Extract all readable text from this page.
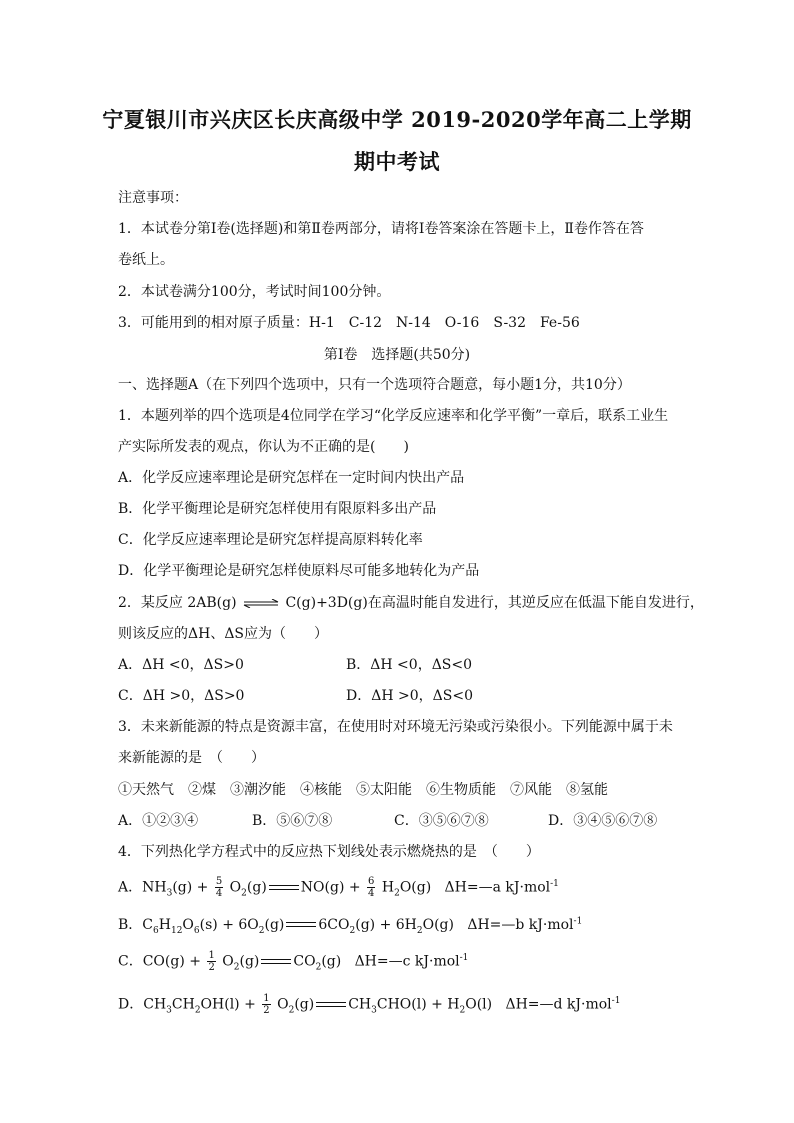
宁夏银川市兴庆区长庆高级中学 2019-2020学年高二上学期
期中考试
注意事项：
1．本试卷分第Ⅰ卷(选择题)和第Ⅱ卷两部分，请将Ⅰ卷答案涂在答题卡上，Ⅱ卷作答在答
卷纸上。
2．本试卷满分100分，考试时间100分钟。
3．可能用到的相对原子质量：H-1　C-12　N-14　O-16　S-32　Fe-56
第Ⅰ卷　选择题(共50分)
一、选择题A（在下列四个选项中，只有一个选项符合题意，每小题1分，共10分）
1．本题列举的四个选项是4位同学在学习“化学反应速率和化学平衡”一章后，联系工业生
产实际所发表的观点，你认为不正确的是(　　)
A．化学反应速率理论是研究怎样在一定时间内快出产品
B．化学平衡理论是研究怎样使用有限原料多出产品
C．化学反应速率理论是研究怎样提高原料转化率
D．化学平衡理论是研究怎样使原料尽可能多地转化为产品
2．某反应 2AB(g) ⇌ C(g)+3D(g)在高温时能自发进行，其逆反应在低温下能自发进行，
则该反应的ΔH、ΔS应为（　　）
A．ΔH <0，ΔS>0	B．ΔH <0，ΔS<0
C．ΔH >0，ΔS>0	D．ΔH >0，ΔS<0
3．未来新能源的特点是资源丰富，在使用时对环境无污染或污染很小。下列能源中属于未
来新能源的是　（　　）
①天然气　②煤　③潮汐能　④核能　⑤太阳能　⑥生物质能　⑦风能　⑧氢能
A．①②③④	B．⑤⑥⑦⑧	C．③⑤⑥⑦⑧	D．③④⑤⑥⑦⑧
4．下列热化学方程式中的反应热下划线处表示燃烧热的是　（　　）
A．$NH_3(g) + \frac{5}{4} O_2(g) NO(g) + \frac{6}{4} H_2O(g)$   ΔH=—a kJ·mol$^{-1}$
B．$C_6H_{12}O_6(s) + 6O_2(g) 6CO_2(g) + 6H_2O(g)$   ΔH=—b kJ·mol$^{-1}$
C．$CO(g) + \frac{1}{2} O_2(g)$ $CO_2(g)$   ΔH=—c kJ·mol$^{-1}$
D．$CH_3CH_2OH(l) + \frac{1}{2} O_2(g) CH_3CHO(l) + H_2O(l)$   ΔH=—d kJ·mol$^{-1}$
